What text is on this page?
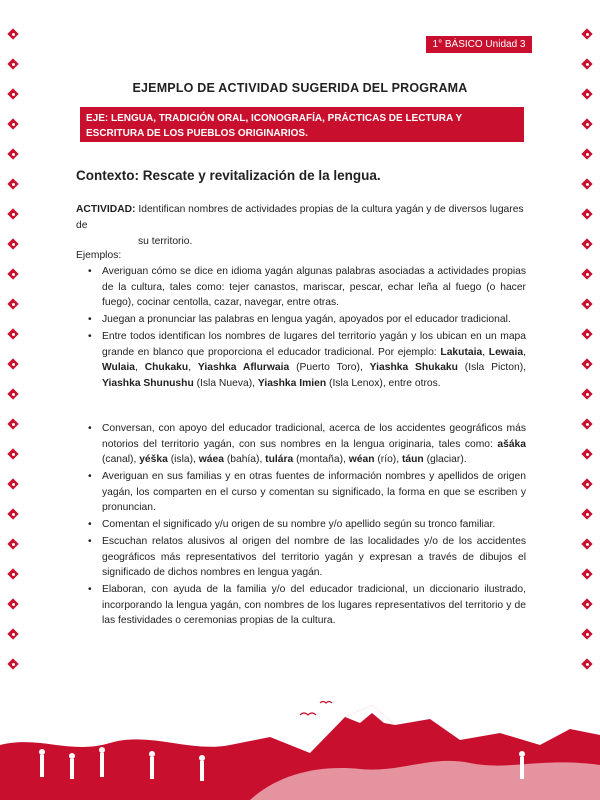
1° BÁSICO Unidad 3
EJEMPLO DE ACTIVIDAD SUGERIDA DEL PROGRAMA
EJE: LENGUA, TRADICIÓN ORAL, ICONOGRAFÍA, PRÁCTICAS DE LECTURA Y ESCRITURA DE LOS PUEBLOS ORIGINARIOS.
Contexto: Rescate y revitalización de la lengua.
ACTIVIDAD: Identifican nombres de actividades propias de la cultura yagán y de diversos lugares de
su territorio.
Ejemplos:
• Averiguan cómo se dice en idioma yagán algunas palabras asociadas a actividades propias de la cultura, tales como: tejer canastos, mariscar, pescar, echar leña al fuego (o hacer fuego), cocinar centolla, cazar, navegar, entre otras.
• Juegan a pronunciar las palabras en lengua yagán, apoyados por el educador tradicional.
• Entre todos identifican los nombres de lugares del territorio yagán y los ubican en un mapa grande en blanco que proporciona el educador tradicional. Por ejemplo: Lakutaia, Lewaia, Wulaia, Chukaku, Yiashka Aflurwaia (Puerto Toro), Yiashka Shukaku (Isla Picton), Yiashka Shunushu (Isla Nueva), Yiashka Imien (Isla Lenox), entre otros.
• Conversan, con apoyo del educador tradicional, acerca de los accidentes geográficos más notorios del territorio yagán, con sus nombres en la lengua originaria, tales como: ašáka (canal), yéška (isla), wáea (bahía), tulára (montaña), wéan (río), táun (glaciar).
• Averiguan en sus familias y en otras fuentes de información nombres y apellidos de origen yagán, los comparten en el curso y comentan su significado, la forma en que se escriben y pronuncian.
• Comentan el significado y/u origen de su nombre y/o apellido según su tronco familiar.
• Escuchan relatos alusivos al origen del nombre de las localidades y/o de los accidentes geográficos más representativos del territorio yagán y expresan a través de dibujos el significado de dichos nombres en lengua yagán.
• Elaboran, con ayuda de la familia y/o del educador tradicional, un diccionario ilustrado, incorporando la lengua yagán, con nombres de los lugares representativos del territorio y de las festividades o ceremonias propias de la cultura.
